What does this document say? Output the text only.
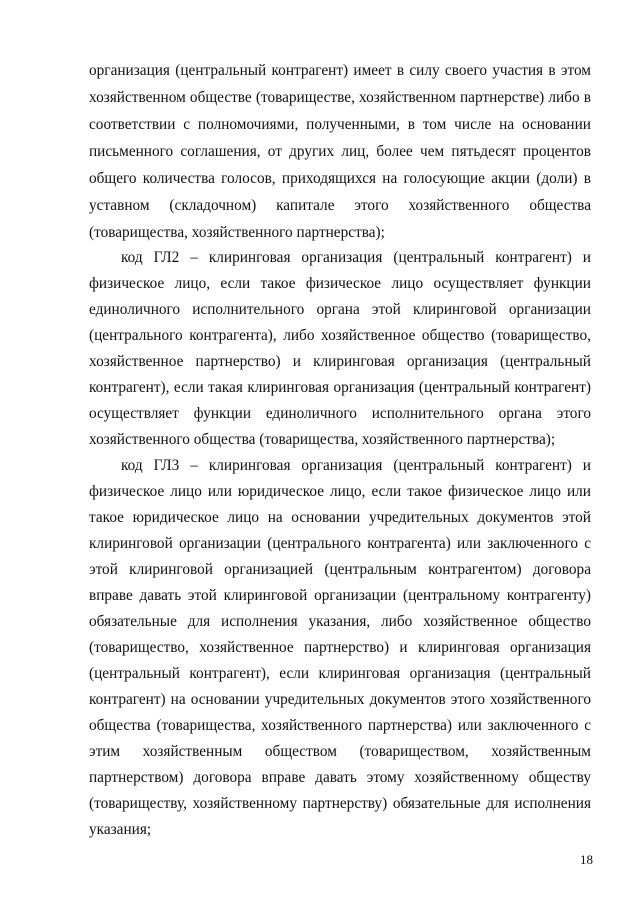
организация (центральный контрагент) имеет в силу своего участия в этом
хозяйственном обществе (товариществе, хозяйственном партнерстве) либо в
соответствии с полномочиями, полученными, в том числе на основании
письменного соглашения, от других лиц, более чем пятьдесят процентов
общего количества голосов, приходящихся на голосующие акции (доли) в
уставном (складочном) капитале этого хозяйственного общества
(товарищества, хозяйственного партнерства);
код ГЛ2 – клиринговая организация (центральный контрагент) и
физическое лицо, если такое физическое лицо осуществляет функции
единоличного исполнительного органа этой клиринговой организации
(центрального контрагента), либо хозяйственное общество (товарищество,
хозяйственное партнерство) и клиринговая организация (центральный
контрагент), если такая клиринговая организация (центральный контрагент)
осуществляет функции единоличного исполнительного органа этого
хозяйственного общества (товарищества, хозяйственного партнерства);
код ГЛ3 – клиринговая организация (центральный контрагент) и
физическое лицо или юридическое лицо, если такое физическое лицо или
такое юридическое лицо на основании учредительных документов этой
клиринговой организации (центрального контрагента) или заключенного с
этой клиринговой организацией (центральным контрагентом) договора
вправе давать этой клиринговой организации (центральному контрагенту)
обязательные для исполнения указания, либо хозяйственное общество
(товарищество, хозяйственное партнерство) и клиринговая организация
(центральный контрагент), если клиринговая организация (центральный
контрагент) на основании учредительных документов этого хозяйственного
общества (товарищества, хозяйственного партнерства) или заключенного с
этим хозяйственным обществом (товариществом, хозяйственным
партнерством) договора вправе давать этому хозяйственному обществу
(товариществу, хозяйственному партнерству) обязательные для исполнения
указания;
18
